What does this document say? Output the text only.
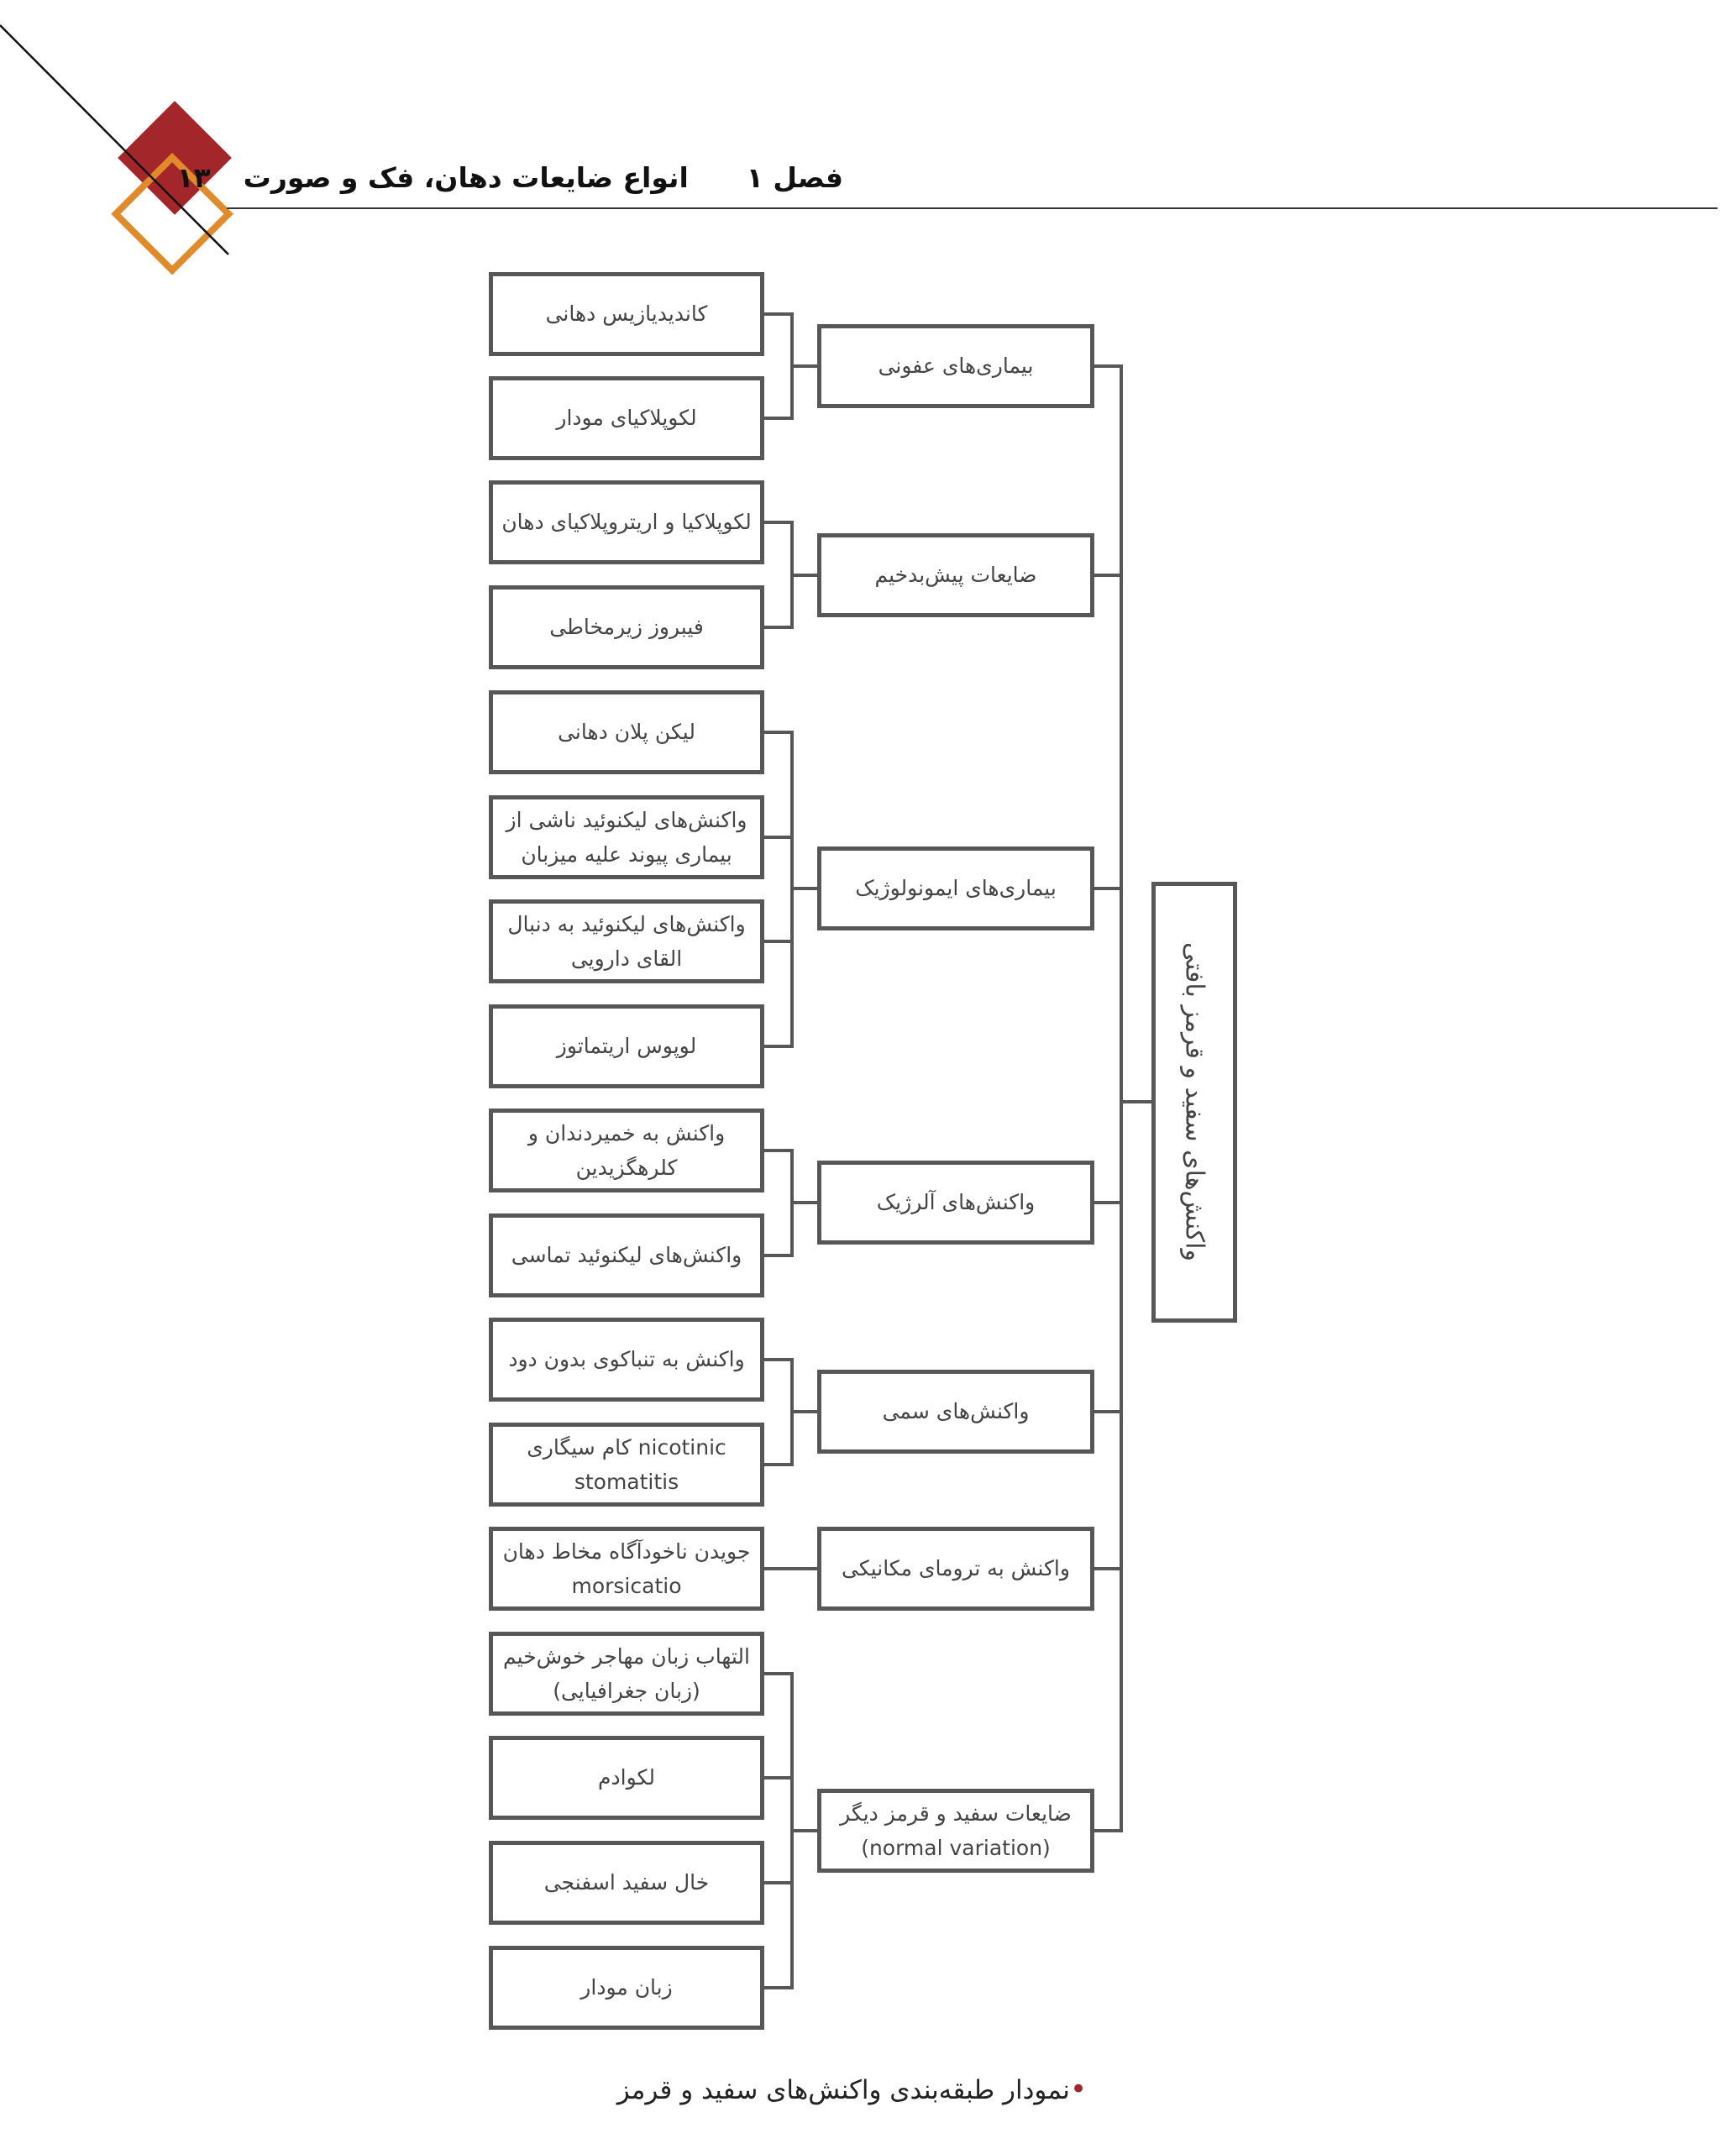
فصل ۱  انواع ضایعات دهان، فک و صورت  ۱۳
واکنش‌های سفید و قرمز بافتی
بیماری‌های عفونی
ضایعات پیش‌بدخیم
بیماری‌های ایمونولوژیک
واکنش‌های آلرژیک
واکنش‌های سمی
واکنش به ترومای مکانیکی
ضایعات سفید و قرمز دیگر (normal variation)
کاندیدیازیس دهانی
لکوپلاکیای مودار
لکوپلاکیا و اریتروپلاکیای دهان
فیبروز زیرمخاطی
لیکن پلان دهانی
واکنش‌های لیکنوئید ناشی از بیماری پیوند علیه میزبان
واکنش‌های لیکنوئید به دنبال القای دارویی
لوپوس اریتماتوز
واکنش به خمیردندان و کلرهگزیدین
واکنش‌های لیکنوئید تماسی
واکنش به تنباکوی بدون دود
nicotinic کام سیگاری stomatitis
جویدن ناخودآگاه مخاط دهان morsicatio
التهاب زبان مهاجر خوش‌خیم (زبان جغرافیایی)
لکوادم
خال سفید اسفنجی
زبان مودار
•نمودار طبقه‌بندی واکنش‌های سفید و قرمز
